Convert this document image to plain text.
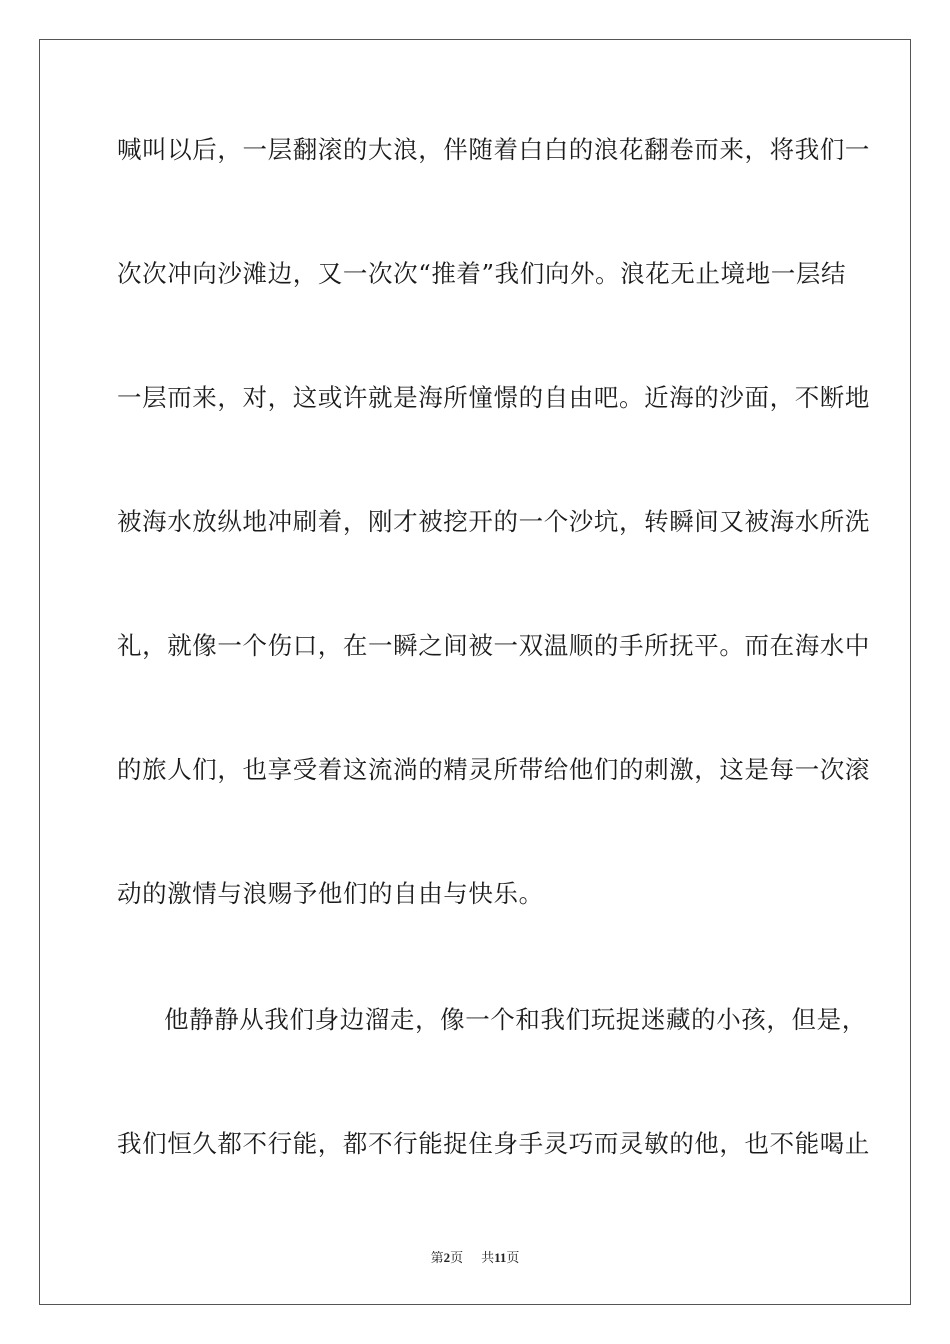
喊叫以后，一层翻滚的大浪，伴随着白白的浪花翻卷而来，将我们一
次次冲向沙滩边，又一次次“推着”我们向外。浪花无止境地一层结
一层而来，对，这或许就是海所憧憬的自由吧。近海的沙面，不断地
被海水放纵地冲刷着，刚才被挖开的一个沙坑，转瞬间又被海水所洗
礼，就像一个伤口，在一瞬之间被一双温顺的手所抚平。而在海水中
的旅人们，也享受着这流淌的精灵所带给他们的刺激，这是每一次滚
动的激情与浪赐予他们的自由与快乐。
他静静从我们身边溜走，像一个和我们玩捉迷藏的小孩，但是，
我们恒久都不行能，都不行能捉住身手灵巧而灵敏的他，也不能喝止
第2页 共11页
